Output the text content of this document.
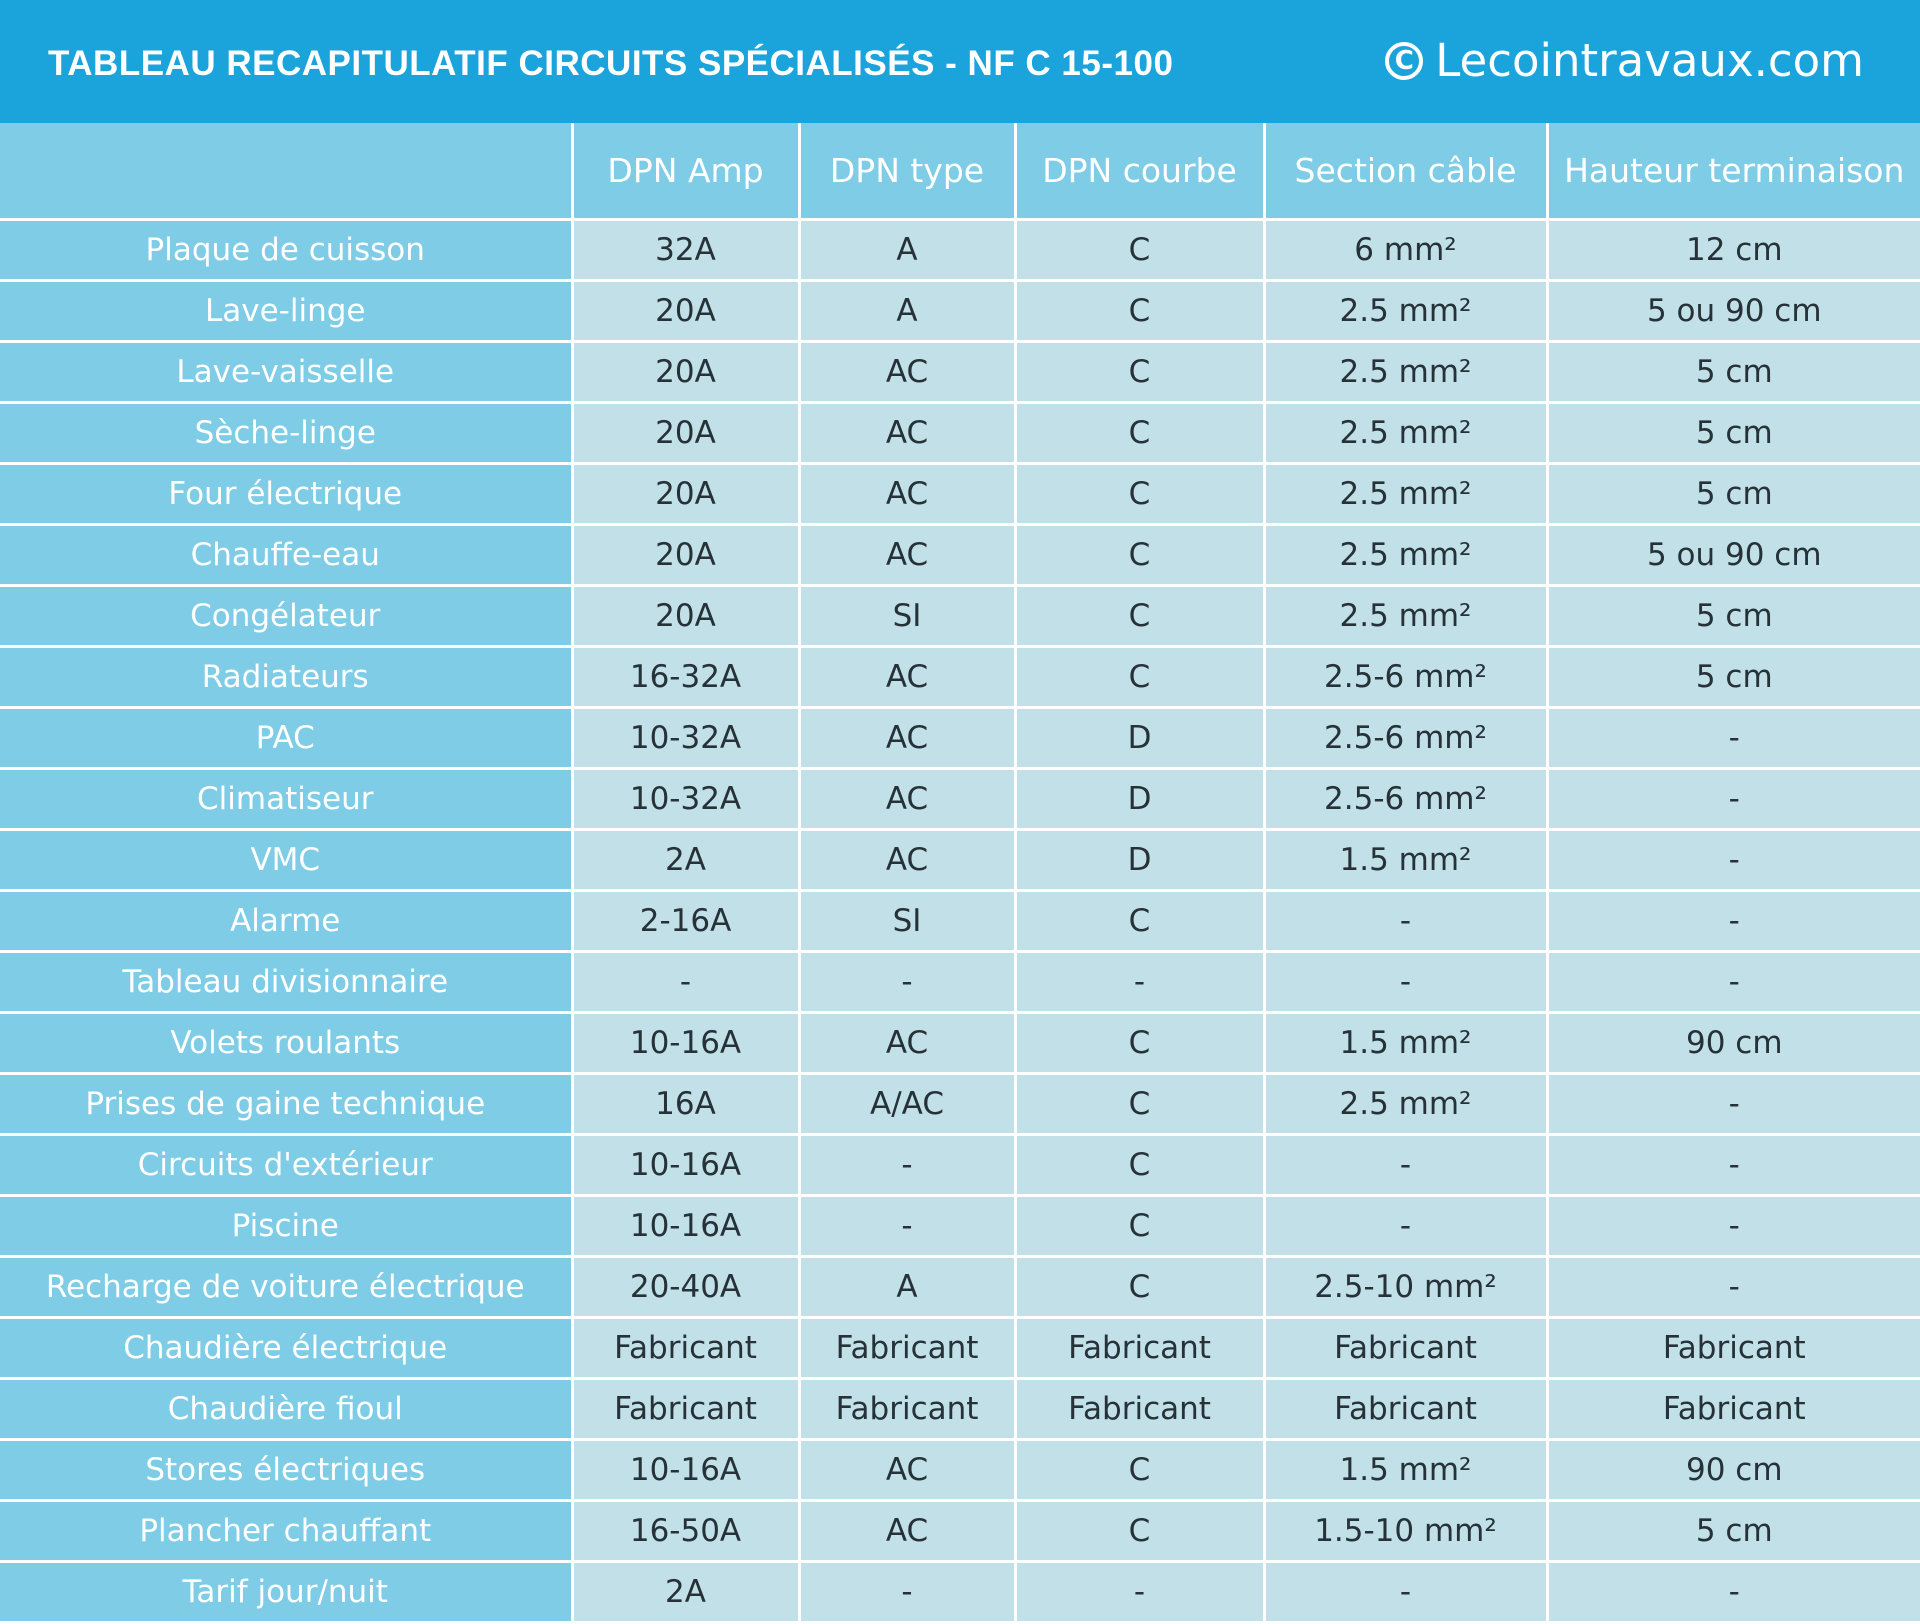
TABLEAU RECAPITULATIF CIRCUITS SPÉCIALISÉS - NF C 15-100	C Lecointravaux.com
	DPN Amp	DPN type	DPN courbe	Section câble	Hauteur terminaison
Plaque de cuisson	32A	A	C	6 mm²	12 cm
Lave-linge	20A	A	C	2.5 mm²	5 ou 90 cm
Lave-vaisselle	20A	AC	C	2.5 mm²	5 cm
Sèche-linge	20A	AC	C	2.5 mm²	5 cm
Four électrique	20A	AC	C	2.5 mm²	5 cm
Chauffe-eau	20A	AC	C	2.5 mm²	5 ou 90 cm
Congélateur	20A	SI	C	2.5 mm²	5 cm
Radiateurs	16-32A	AC	C	2.5-6 mm²	5 cm
PAC	10-32A	AC	D	2.5-6 mm²	-
Climatiseur	10-32A	AC	D	2.5-6 mm²	-
VMC	2A	AC	D	1.5 mm²	-
Alarme	2-16A	SI	C	-	-
Tableau divisionnaire	-	-	-	-	-
Volets roulants	10-16A	AC	C	1.5 mm²	90 cm
Prises de gaine technique	16A	A/AC	C	2.5 mm²	-
Circuits d'extérieur	10-16A	-	C	-	-
Piscine	10-16A	-	C	-	-
Recharge de voiture électrique	20-40A	A	C	2.5-10 mm²	-
Chaudière électrique	Fabricant	Fabricant	Fabricant	Fabricant	Fabricant
Chaudière fioul	Fabricant	Fabricant	Fabricant	Fabricant	Fabricant
Stores électriques	10-16A	AC	C	1.5 mm²	90 cm
Plancher chauffant	16-50A	AC	C	1.5-10 mm²	5 cm
Tarif jour/nuit	2A	-	-	-	-
